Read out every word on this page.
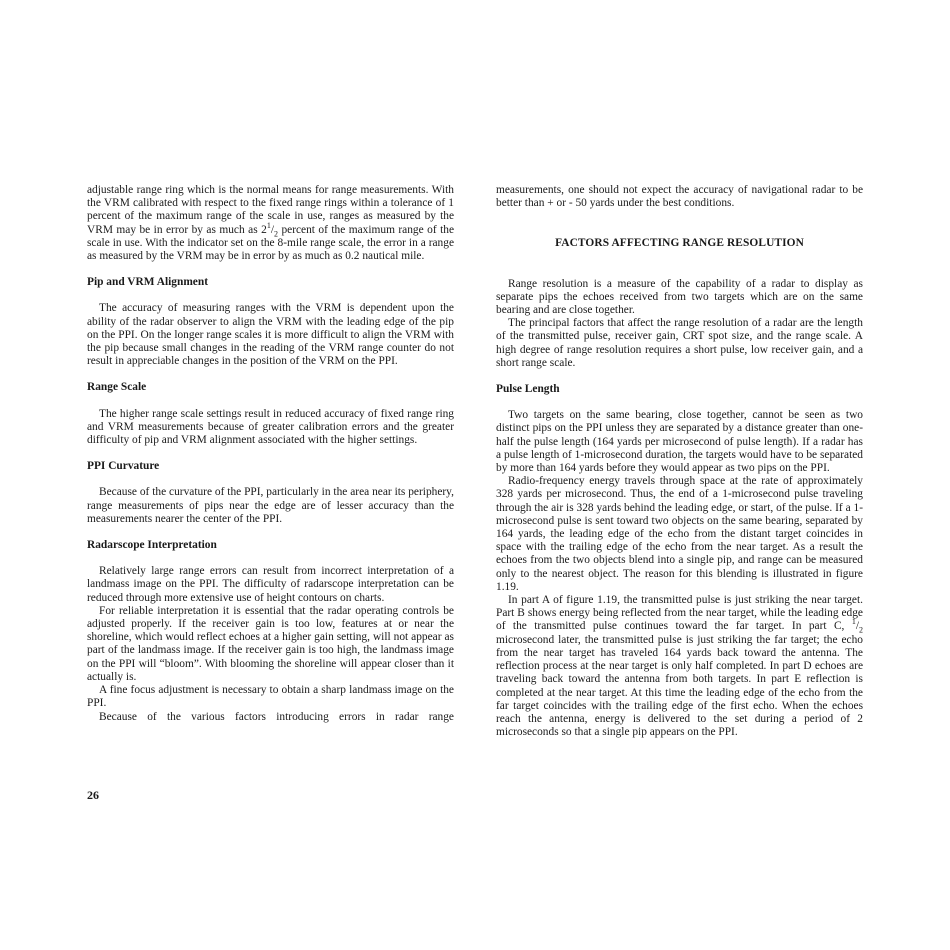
adjustable range ring which is the normal means for range measurements. With the VRM calibrated with respect to the fixed range rings within a tolerance of 1 percent of the maximum range of the scale in use, ranges as measured by the VRM may be in error by as much as $2^1/_2$ percent of the maximum range of the scale in use. With the indicator set on the 8-mile range scale, the error in a range as measured by the VRM may be in error by as much as 0.2 nautical mile.

Pip and VRM Alignment

The accuracy of measuring ranges with the VRM is dependent upon the ability of the radar observer to align the VRM with the leading edge of the pip on the PPI. On the longer range scales it is more difficult to align the VRM with the pip because small changes in the reading of the VRM range counter do not result in appreciable changes in the position of the VRM on the PPI.

Range Scale

The higher range scale settings result in reduced accuracy of fixed range ring and VRM measurements because of greater calibration errors and the greater difficulty of pip and VRM alignment associated with the higher settings.

PPI Curvature

Because of the curvature of the PPI, particularly in the area near its periphery, range measurements of pips near the edge are of lesser accuracy than the measurements nearer the center of the PPI.

Radarscope Interpretation

Relatively large range errors can result from incorrect interpretation of a landmass image on the PPI. The difficulty of radarscope interpretation can be reduced through more extensive use of height contours on charts.

For reliable interpretation it is essential that the radar operating controls be adjusted properly. If the receiver gain is too low, features at or near the shoreline, which would reflect echoes at a higher gain setting, will not appear as part of the landmass image. If the receiver gain is too high, the landmass image on the PPI will “bloom”. With blooming the shoreline will appear closer than it actually is.

A fine focus adjustment is necessary to obtain a sharp landmass image on the PPI.

Because of the various factors introducing errors in radar range

measurements, one should not expect the accuracy of navigational radar to be better than + or - 50 yards under the best conditions.

FACTORS AFFECTING RANGE RESOLUTION

Range resolution is a measure of the capability of a radar to display as separate pips the echoes received from two targets which are on the same bearing and are close together.

The principal factors that affect the range resolution of a radar are the length of the transmitted pulse, receiver gain, CRT spot size, and the range scale. A high degree of range resolution requires a short pulse, low receiver gain, and a short range scale.

Pulse Length

Two targets on the same bearing, close together, cannot be seen as two distinct pips on the PPI unless they are separated by a distance greater than one-half the pulse length (164 yards per microsecond of pulse length). If a radar has a pulse length of 1-microsecond duration, the targets would have to be separated by more than 164 yards before they would appear as two pips on the PPI.

Radio-frequency energy travels through space at the rate of approximately 328 yards per microsecond. Thus, the end of a 1-microsecond pulse traveling through the air is 328 yards behind the leading edge, or start, of the pulse. If a 1-microsecond pulse is sent toward two objects on the same bearing, separated by 164 yards, the leading edge of the echo from the distant target coincides in space with the trailing edge of the echo from the near target. As a result the echoes from the two objects blend into a single pip, and range can be measured only to the nearest object. The reason for this blending is illustrated in figure 1.19.

In part A of figure 1.19, the transmitted pulse is just striking the near target. Part B shows energy being reflected from the near target, while the leading edge of the transmitted pulse continues toward the far target. In part C, $^1/_2$ microsecond later, the transmitted pulse is just striking the far target; the echo from the near target has traveled 164 yards back toward the antenna. The reflection process at the near target is only half completed. In part D echoes are traveling back toward the antenna from both targets. In part E reflection is completed at the near target. At this time the leading edge of the echo from the far target coincides with the trailing edge of the first echo. When the echoes reach the antenna, energy is delivered to the set during a period of 2 microseconds so that a single pip appears on the PPI.

26
